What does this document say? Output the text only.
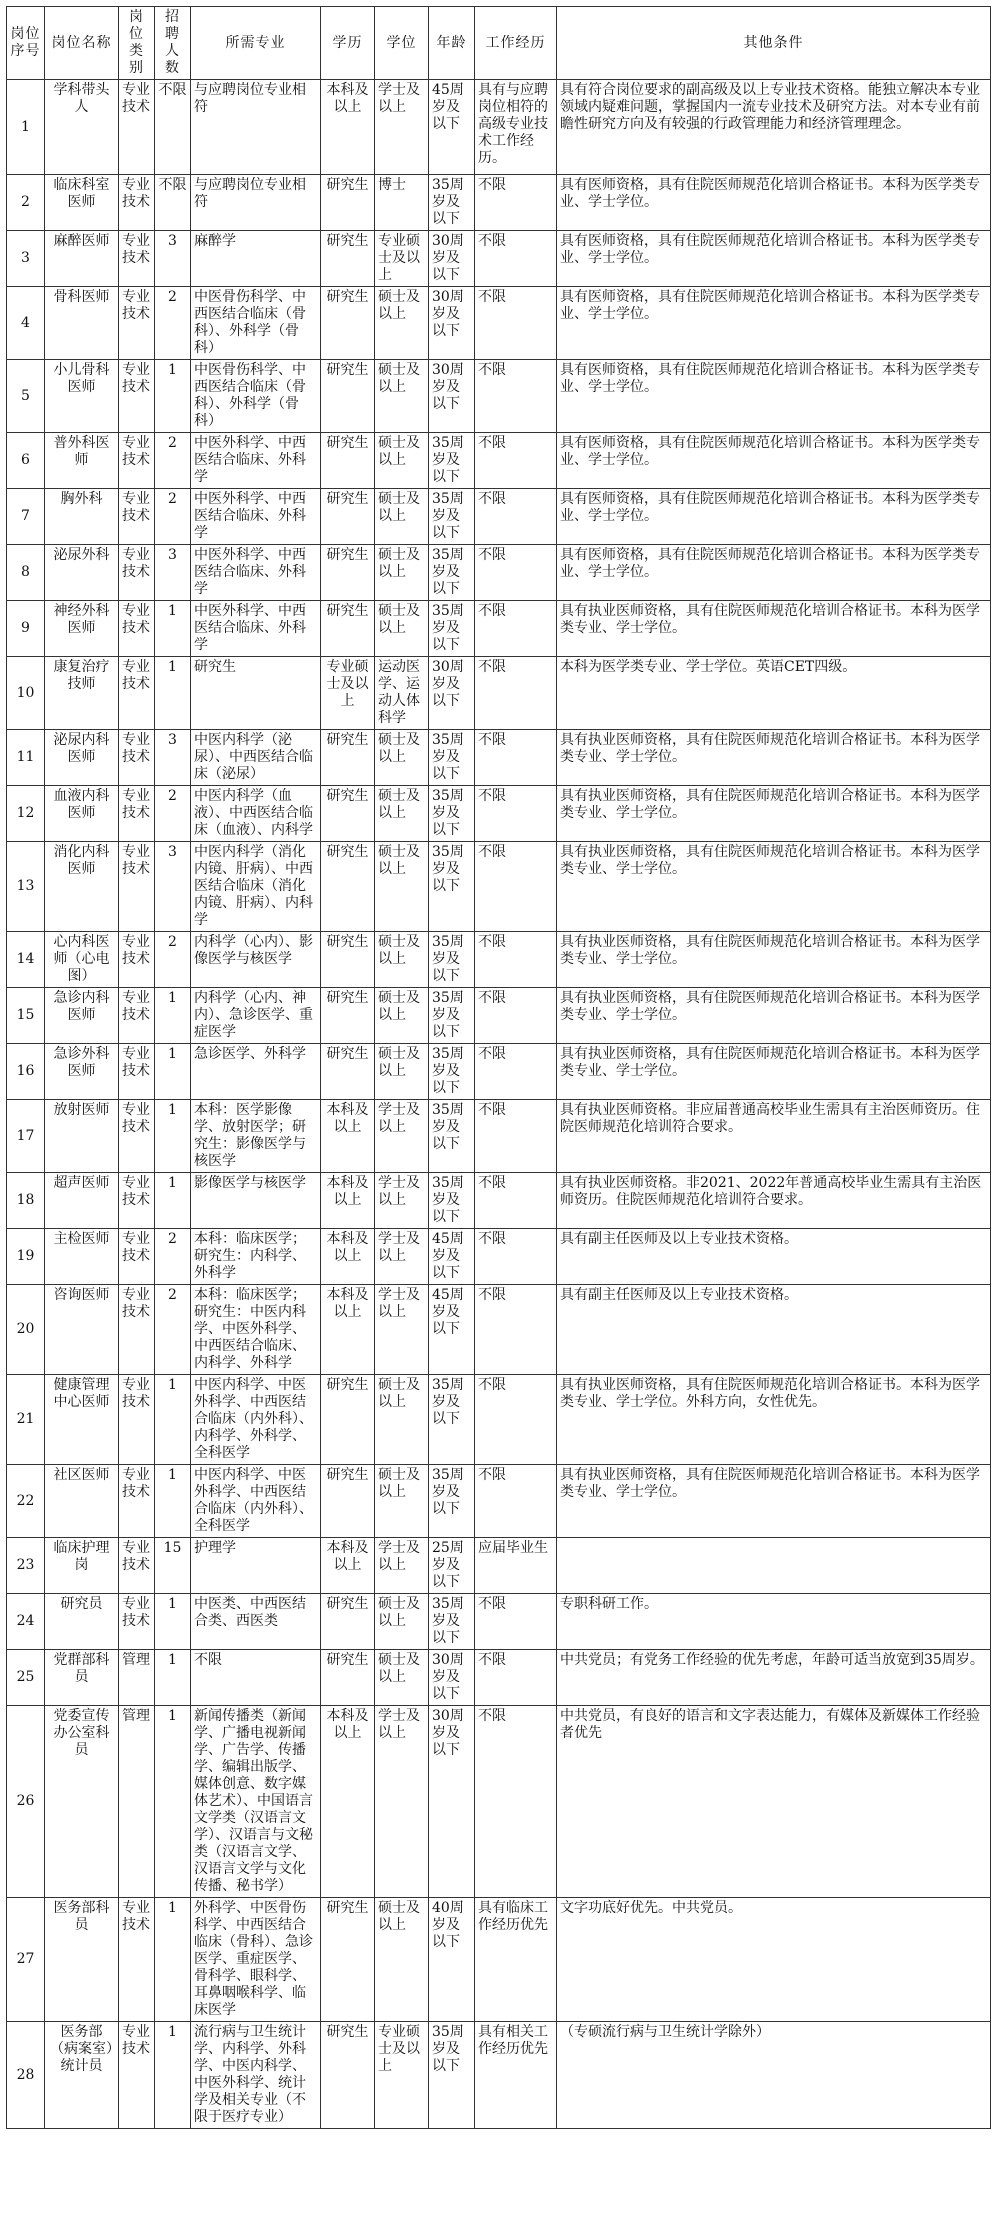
岗位序号	岗位名称	岗位类别	招聘人数	所需专业	学历	学位	年龄	工作经历	其他条件
1	学科带头人	专业技术	不限	与应聘岗位专业相符	本科及以上	学士及以上	45周岁及以下	具有与应聘岗位相符的高级专业技术工作经历。	具有符合岗位要求的副高级及以上专业技术资格。能独立解决本专业领域内疑难问题，掌握国内一流专业技术及研究方法。对本专业有前瞻性研究方向及有较强的行政管理能力和经济管理理念。
2	临床科室医师	专业技术	不限	与应聘岗位专业相符	研究生	博士	35周岁及以下	不限	具有医师资格，具有住院医师规范化培训合格证书。本科为医学类专业、学士学位。
3	麻醉医师	专业技术	3	麻醉学	研究生	专业硕士及以上	30周岁及以下	不限	具有医师资格，具有住院医师规范化培训合格证书。本科为医学类专业、学士学位。
4	骨科医师	专业技术	2	中医骨伤科学、中西医结合临床（骨科）、外科学（骨科）	研究生	硕士及以上	30周岁及以下	不限	具有医师资格，具有住院医师规范化培训合格证书。本科为医学类专业、学士学位。
5	小儿骨科医师	专业技术	1	中医骨伤科学、中西医结合临床（骨科）、外科学（骨科）	研究生	硕士及以上	30周岁及以下	不限	具有医师资格，具有住院医师规范化培训合格证书。本科为医学类专业、学士学位。
6	普外科医师	专业技术	2	中医外科学、中西医结合临床、外科学	研究生	硕士及以上	35周岁及以下	不限	具有医师资格，具有住院医师规范化培训合格证书。本科为医学类专业、学士学位。
7	胸外科	专业技术	2	中医外科学、中西医结合临床、外科学	研究生	硕士及以上	35周岁及以下	不限	具有医师资格，具有住院医师规范化培训合格证书。本科为医学类专业、学士学位。
8	泌尿外科	专业技术	3	中医外科学、中西医结合临床、外科学	研究生	硕士及以上	35周岁及以下	不限	具有医师资格，具有住院医师规范化培训合格证书。本科为医学类专业、学士学位。
9	神经外科医师	专业技术	1	中医外科学、中西医结合临床、外科学	研究生	硕士及以上	35周岁及以下	不限	具有执业医师资格，具有住院医师规范化培训合格证书。本科为医学类专业、学士学位。
10	康复治疗技师	专业技术	1	研究生	专业硕士及以上	运动医学、运动人体科学	30周岁及以下	不限	本科为医学类专业、学士学位。英语CET四级。
11	泌尿内科医师	专业技术	3	中医内科学（泌尿）、中西医结合临床（泌尿）	研究生	硕士及以上	35周岁及以下	不限	具有执业医师资格，具有住院医师规范化培训合格证书。本科为医学类专业、学士学位。
12	血液内科医师	专业技术	2	中医内科学（血液）、中西医结合临床（血液）、内科学	研究生	硕士及以上	35周岁及以下	不限	具有执业医师资格，具有住院医师规范化培训合格证书。本科为医学类专业、学士学位。
13	消化内科医师	专业技术	3	中医内科学（消化内镜、肝病）、中西医结合临床（消化内镜、肝病）、内科学	研究生	硕士及以上	35周岁及以下	不限	具有执业医师资格，具有住院医师规范化培训合格证书。本科为医学类专业、学士学位。
14	心内科医师（心电图）	专业技术	2	内科学（心内）、影像医学与核医学	研究生	硕士及以上	35周岁及以下	不限	具有执业医师资格，具有住院医师规范化培训合格证书。本科为医学类专业、学士学位。
15	急诊内科医师	专业技术	1	内科学（心内、神内）、急诊医学、重症医学	研究生	硕士及以上	35周岁及以下	不限	具有执业医师资格，具有住院医师规范化培训合格证书。本科为医学类专业、学士学位。
16	急诊外科医师	专业技术	1	急诊医学、外科学	研究生	硕士及以上	35周岁及以下	不限	具有执业医师资格，具有住院医师规范化培训合格证书。本科为医学类专业、学士学位。
17	放射医师	专业技术	1	本科：医学影像学、放射医学；研究生：影像医学与核医学	本科及以上	学士及以上	35周岁及以下	不限	具有执业医师资格。非应届普通高校毕业生需具有主治医师资历。住院医师规范化培训符合要求。
18	超声医师	专业技术	1	影像医学与核医学	本科及以上	学士及以上	35周岁及以下	不限	具有执业医师资格。非2021、2022年普通高校毕业生需具有主治医师资历。住院医师规范化培训符合要求。
19	主检医师	专业技术	2	本科：临床医学；研究生：内科学、外科学	本科及以上	学士及以上	45周岁及以下	不限	具有副主任医师及以上专业技术资格。
20	咨询医师	专业技术	2	本科：临床医学；研究生：中医内科学、中医外科学、中西医结合临床、内科学、外科学	本科及以上	学士及以上	45周岁及以下	不限	具有副主任医师及以上专业技术资格。
21	健康管理中心医师	专业技术	1	中医内科学、中医外科学、中西医结合临床（内外科）、内科学、外科学、全科医学	研究生	硕士及以上	35周岁及以下	不限	具有执业医师资格，具有住院医师规范化培训合格证书。本科为医学类专业、学士学位。外科方向，女性优先。
22	社区医师	专业技术	1	中医内科学、中医外科学、中西医结合临床（内外科）、全科医学	研究生	硕士及以上	35周岁及以下	不限	具有执业医师资格，具有住院医师规范化培训合格证书。本科为医学类专业、学士学位。
23	临床护理岗	专业技术	15	护理学	本科及以上	学士及以上	25周岁及以下	应届毕业生	
24	研究员	专业技术	1	中医类、中西医结合类、西医类	研究生	硕士及以上	35周岁及以下	不限	专职科研工作。
25	党群部科员	管理	1	不限	研究生	硕士及以上	30周岁及以下	不限	中共党员；有党务工作经验的优先考虑，年龄可适当放宽到35周岁。
26	党委宣传办公室科员	管理	1	新闻传播类（新闻学、广播电视新闻学、广告学、传播学、编辑出版学、媒体创意、数字媒体艺术）、中国语言文学类（汉语言文学）、汉语言与文秘类（汉语言文学、汉语言文学与文化传播、秘书学）	本科及以上	学士及以上	30周岁及以下	不限	中共党员，有良好的语言和文字表达能力，有媒体及新媒体工作经验者优先
27	医务部科员	专业技术	1	外科学、中医骨伤科学、中西医结合临床（骨科）、急诊医学、重症医学、骨科学、眼科学、耳鼻咽喉科学、临床医学	研究生	硕士及以上	40周岁及以下	具有临床工作经历优先	文字功底好优先。中共党员。
28	医务部（病案室）统计员	专业技术	1	流行病与卫生统计学、内科学、外科学、中医内科学、中医外科学、统计学及相关专业（不限于医疗专业）	研究生	专业硕士及以上	35周岁及以下	具有相关工作经历优先	（专硕流行病与卫生统计学除外）
